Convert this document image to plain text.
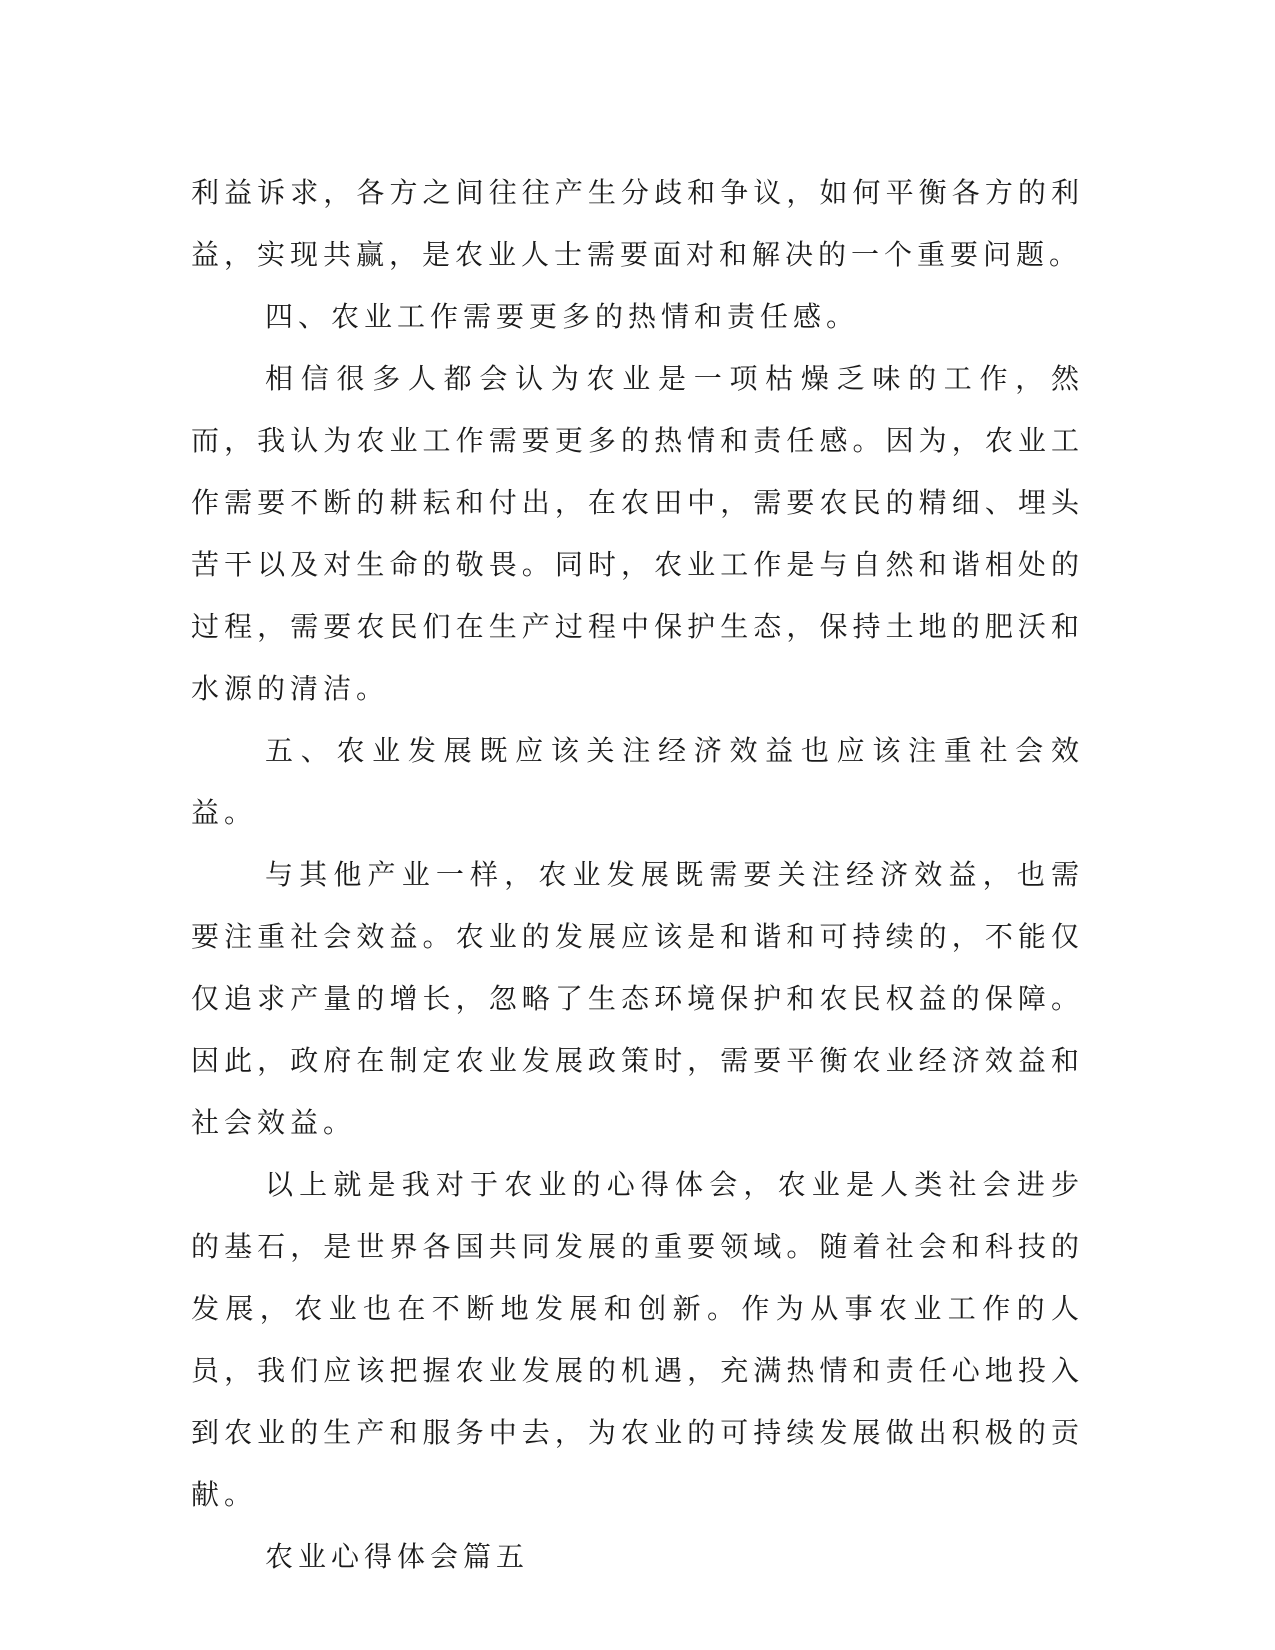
利益诉求，各方之间往往产生分歧和争议，如何平衡各方的利益，实现共赢，是农业人士需要面对和解决的一个重要问题。

四、农业工作需要更多的热情和责任感。

相信很多人都会认为农业是一项枯燥乏味的工作，然而，我认为农业工作需要更多的热情和责任感。因为，农业工作需要不断的耕耘和付出，在农田中，需要农民的精细、埋头苦干以及对生命的敬畏。同时，农业工作是与自然和谐相处的过程，需要农民们在生产过程中保护生态，保持土地的肥沃和水源的清洁。

五、农业发展既应该关注经济效益也应该注重社会效益。

与其他产业一样，农业发展既需要关注经济效益，也需要注重社会效益。农业的发展应该是和谐和可持续的，不能仅仅追求产量的增长，忽略了生态环境保护和农民权益的保障。因此，政府在制定农业发展政策时，需要平衡农业经济效益和社会效益。

以上就是我对于农业的心得体会，农业是人类社会进步的基石，是世界各国共同发展的重要领域。随着社会和科技的发展，农业也在不断地发展和创新。作为从事农业工作的人员，我们应该把握农业发展的机遇，充满热情和责任心地投入到农业的生产和服务中去，为农业的可持续发展做出积极的贡献。

农业心得体会篇五
